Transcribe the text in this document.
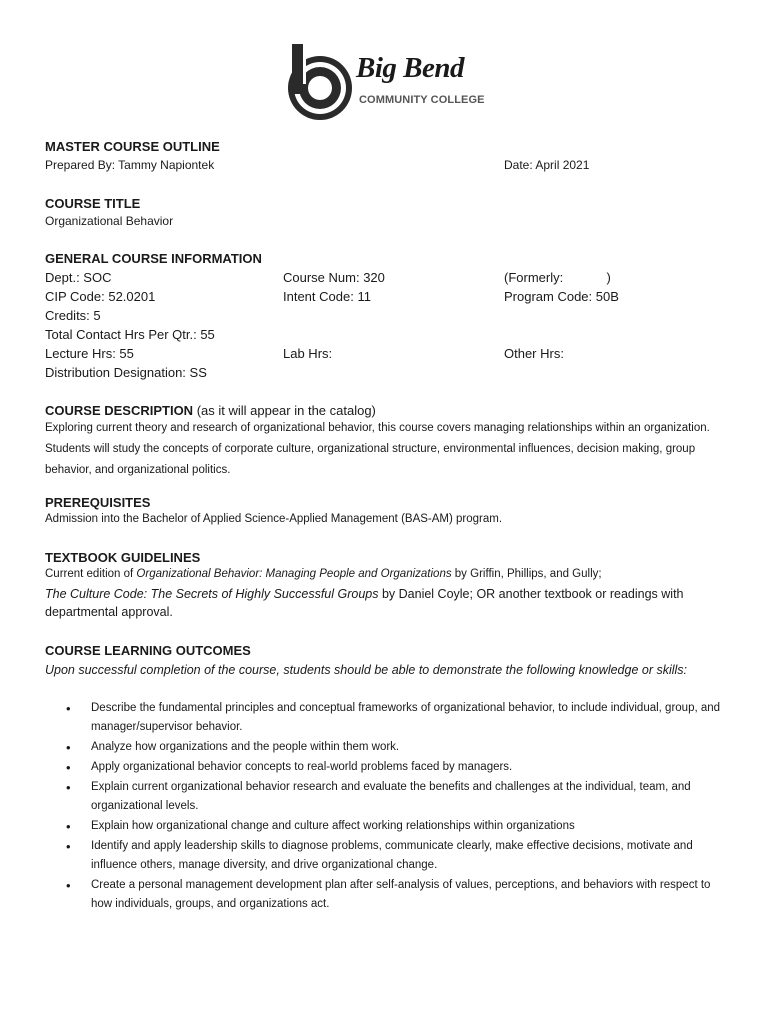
Big Bend
COMMUNITY COLLEGE
MASTER COURSE OUTLINE
Prepared By: Tammy Napiontek	Date: April 2021
COURSE TITLE
Organizational Behavior
GENERAL COURSE INFORMATION
Dept.: SOC	Course Num: 320	(Formerly:            )
CIP Code: 52.0201	Intent Code: 11	Program Code: 50B
Credits: 5
Total Contact Hrs Per Qtr.: 55
Lecture Hrs: 55	Lab Hrs:	Other Hrs:
Distribution Designation: SS
COURSE DESCRIPTION (as it will appear in the catalog)
Exploring current theory and research of organizational behavior, this course covers managing relationships within an organization. Students will study the concepts of corporate culture, organizational structure, environmental influences, decision making, group behavior, and organizational politics.
PREREQUISITES
Admission into the Bachelor of Applied Science-Applied Management (BAS-AM) program.
TEXTBOOK GUIDELINES
Current edition of Organizational Behavior: Managing People and Organizations by Griffin, Phillips, and Gully;
The Culture Code: The Secrets of Highly Successful Groups by Daniel Coyle; OR another textbook or readings with departmental approval.
COURSE LEARNING OUTCOMES
Upon successful completion of the course, students should be able to demonstrate the following knowledge or skills:
• Describe the fundamental principles and conceptual frameworks of organizational behavior, to include individual, group, and manager/supervisor behavior.
• Analyze how organizations and the people within them work.
• Apply organizational behavior concepts to real-world problems faced by managers.
• Explain current organizational behavior research and evaluate the benefits and challenges at the individual, team, and organizational levels.
• Explain how organizational change and culture affect working relationships within organizations
• Identify and apply leadership skills to diagnose problems, communicate clearly, make effective decisions, motivate and influence others, manage diversity, and drive organizational change.
• Create a personal management development plan after self-analysis of values, perceptions, and behaviors with respect to how individuals, groups, and organizations act.
